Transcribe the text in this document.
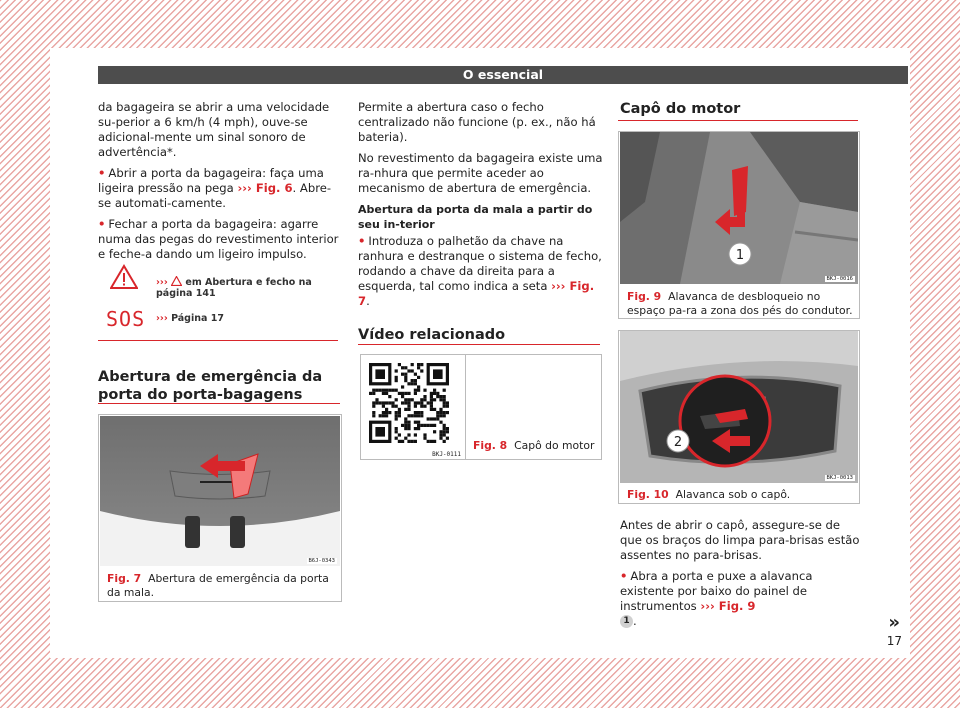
O essencial

da bagageira se abrir a uma velocidade su-perior a 6 km/h (4 mph), ouve-se adicional-mente um sinal sonoro de advertência*.

• Abrir a porta da bagageira: faça uma ligeira pressão na pega ››› Fig. 6. Abre-se automati-camente.

• Fechar a porta da bagageira: agarre numa das pegas do revestimento interior e feche-a dando um ligeiro impulso.

››› em Abertura e fecho na página 141
SOS ››› Página 17
Abertura de emergência da porta do porta-bagagens
B6J-0343
Fig. 7 Abertura de emergência da porta da mala.

Permite a abertura caso o fecho centralizado não funcione (p. ex., não há bateria).

No revestimento da bagageira existe uma ra-nhura que permite aceder ao mecanismo de abertura de emergência.

Abertura da porta da mala a partir do seu in-terior

• Introduza o palhetão da chave na ranhura e destranque o sistema de fecho, rodando a chave da direita para a esquerda, tal como indica a seta ››› Fig. 7.

Vídeo relacionado
BKJ-0111
Fig. 8 Capô do motor
Capô do motor
1
BKJ-0016
Fig. 9 Alavanca de desbloqueio no espaço pa-ra a zona dos pés do condutor.
2
BKJ-0013
Fig. 10 Alavanca sob o capô.

Antes de abrir o capô, assegure-se de que os braços do limpa para-brisas estão assentes no para-brisas.

• Abra a porta e puxe a alavanca existente por baixo do painel de instrumentos ››› Fig. 9
1 .	»
17
